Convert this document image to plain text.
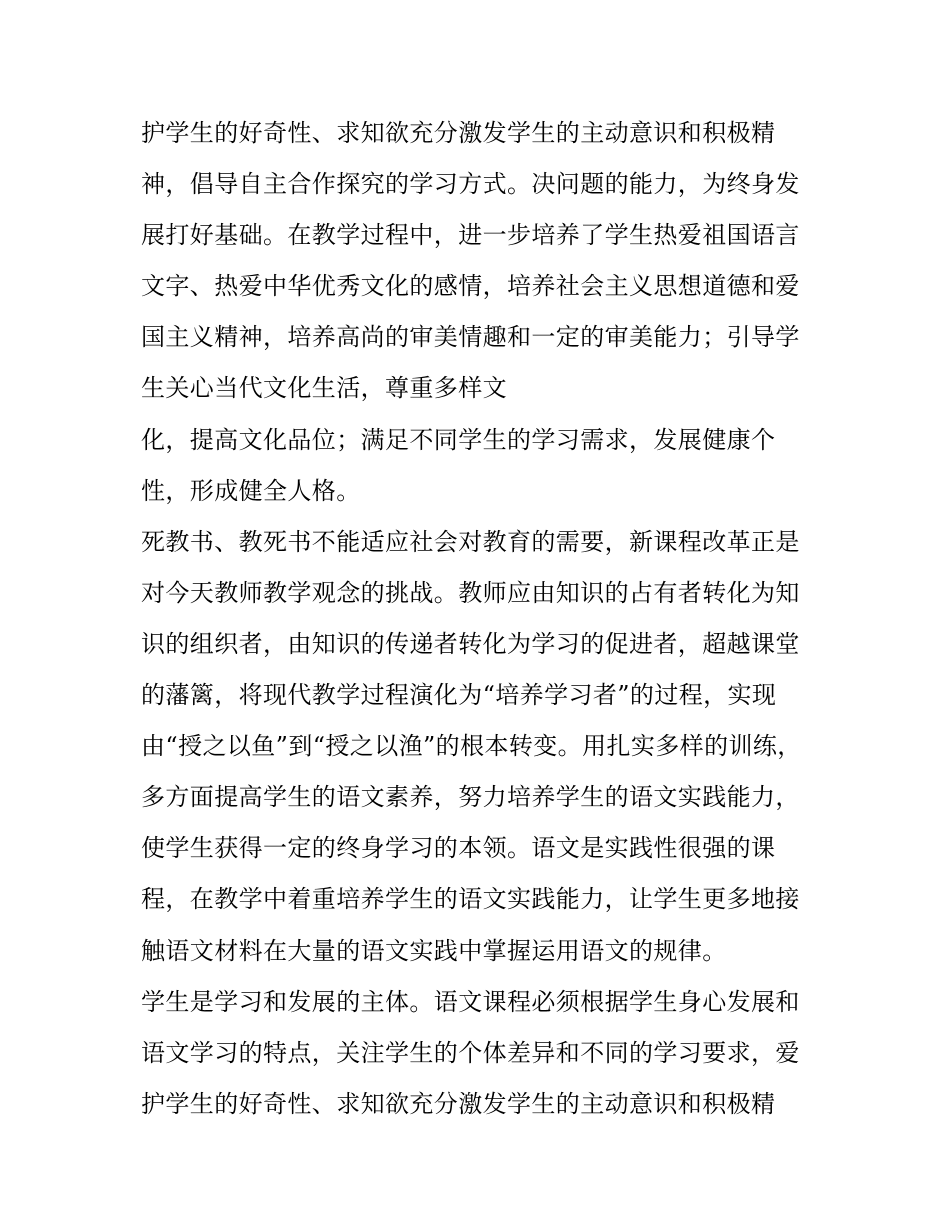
护学生的好奇性、求知欲充分激发学生的主动意识和积极精
神，倡导自主合作探究的学习方式。决问题的能力，为终身发
展打好基础。在教学过程中，进一步培养了学生热爱祖国语言
文字、热爱中华优秀文化的感情，培养社会主义思想道德和爱
国主义精神，培养高尚的审美情趣和一定的审美能力；引导学
生关心当代文化生活，尊重多样文
化，提高文化品位；满足不同学生的学习需求，发展健康个
性，形成健全人格。
死教书、教死书不能适应社会对教育的需要，新课程改革正是
对今天教师教学观念的挑战。教师应由知识的占有者转化为知
识的组织者，由知识的传递者转化为学习的促进者，超越课堂
的藩篱，将现代教学过程演化为“培养学习者”的过程，实现
由“授之以鱼”到“授之以渔”的根本转变。用扎实多样的训练，
多方面提高学生的语文素养，努力培养学生的语文实践能力，
使学生获得一定的终身学习的本领。语文是实践性很强的课
程，在教学中着重培养学生的语文实践能力，让学生更多地接
触语文材料在大量的语文实践中掌握运用语文的规律。
学生是学习和发展的主体。语文课程必须根据学生身心发展和
语文学习的特点，关注学生的个体差异和不同的学习要求，爱
护学生的好奇性、求知欲充分激发学生的主动意识和积极精
